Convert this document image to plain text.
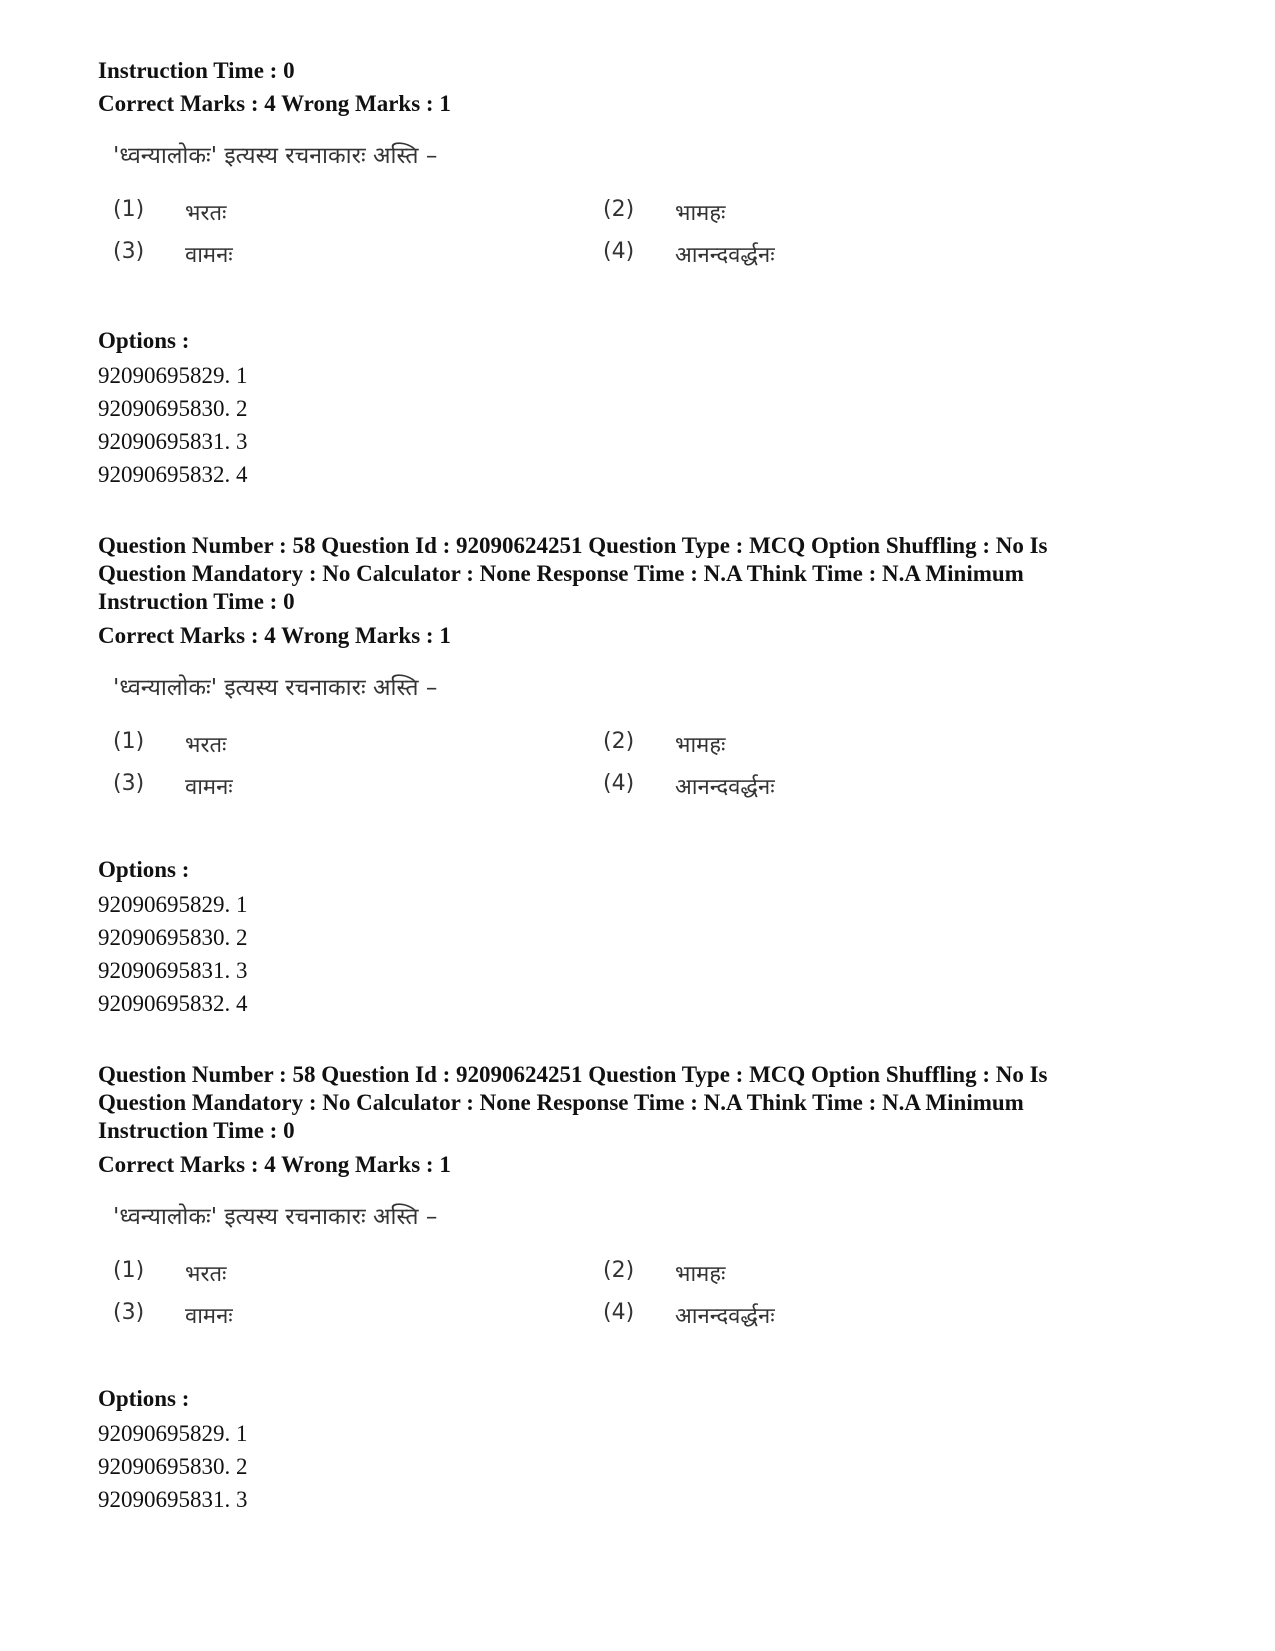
Instruction Time : 0
Correct Marks : 4 Wrong Marks : 1
'ध्वन्यालोकः' इत्यस्य रचनाकारः अस्ति –
(1)	भरतः	(2)	भामहः
(3)	वामनः	(4)	आनन्दवर्द्धनः
Options :
92090695829. 1
92090695830. 2
92090695831. 3
92090695832. 4
Question Number : 58 Question Id : 92090624251 Question Type : MCQ Option Shuffling : No Is
Question Mandatory : No Calculator : None Response Time : N.A Think Time : N.A Minimum
Instruction Time : 0
Correct Marks : 4 Wrong Marks : 1
'ध्वन्यालोकः' इत्यस्य रचनाकारः अस्ति –
(1)	भरतः	(2)	भामहः
(3)	वामनः	(4)	आनन्दवर्द्धनः
Options :
92090695829. 1
92090695830. 2
92090695831. 3
92090695832. 4
Question Number : 58 Question Id : 92090624251 Question Type : MCQ Option Shuffling : No Is
Question Mandatory : No Calculator : None Response Time : N.A Think Time : N.A Minimum
Instruction Time : 0
Correct Marks : 4 Wrong Marks : 1
'ध्वन्यालोकः' इत्यस्य रचनाकारः अस्ति –
(1)	भरतः	(2)	भामहः
(3)	वामनः	(4)	आनन्दवर्द्धनः
Options :
92090695829. 1
92090695830. 2
92090695831. 3
